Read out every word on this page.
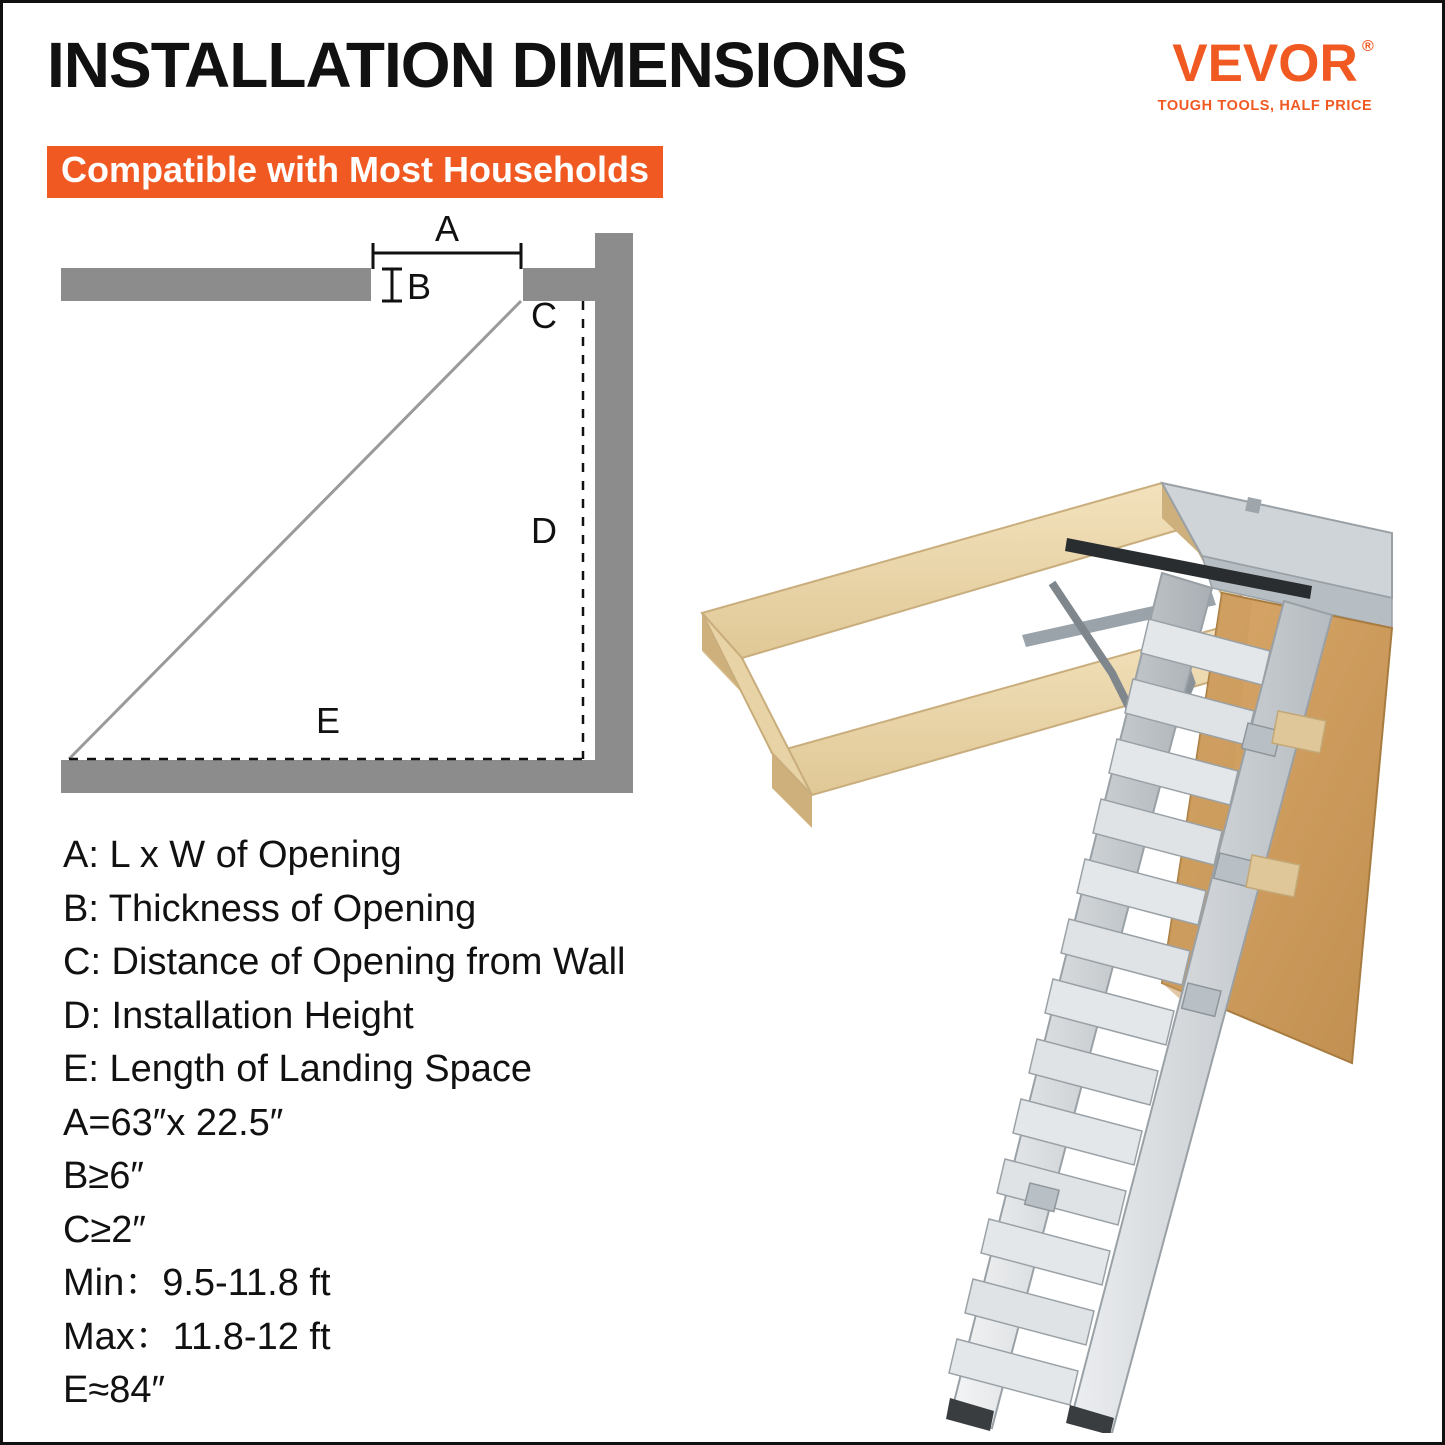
INSTALLATION DIMENSIONS
Compatible with Most Households
VEVOR ®
TOUGH TOOLS, HALF PRICE
A
B
C
D
E
A: L x W of Opening
B: Thickness of Opening
C: Distance of Opening from Wall
D: Installation Height
E: Length of Landing Space
A=63″x 22.5″
B≥6″
C≥2″
Min：9.5-11.8 ft
Max：11.8-12 ft
E≈84″
